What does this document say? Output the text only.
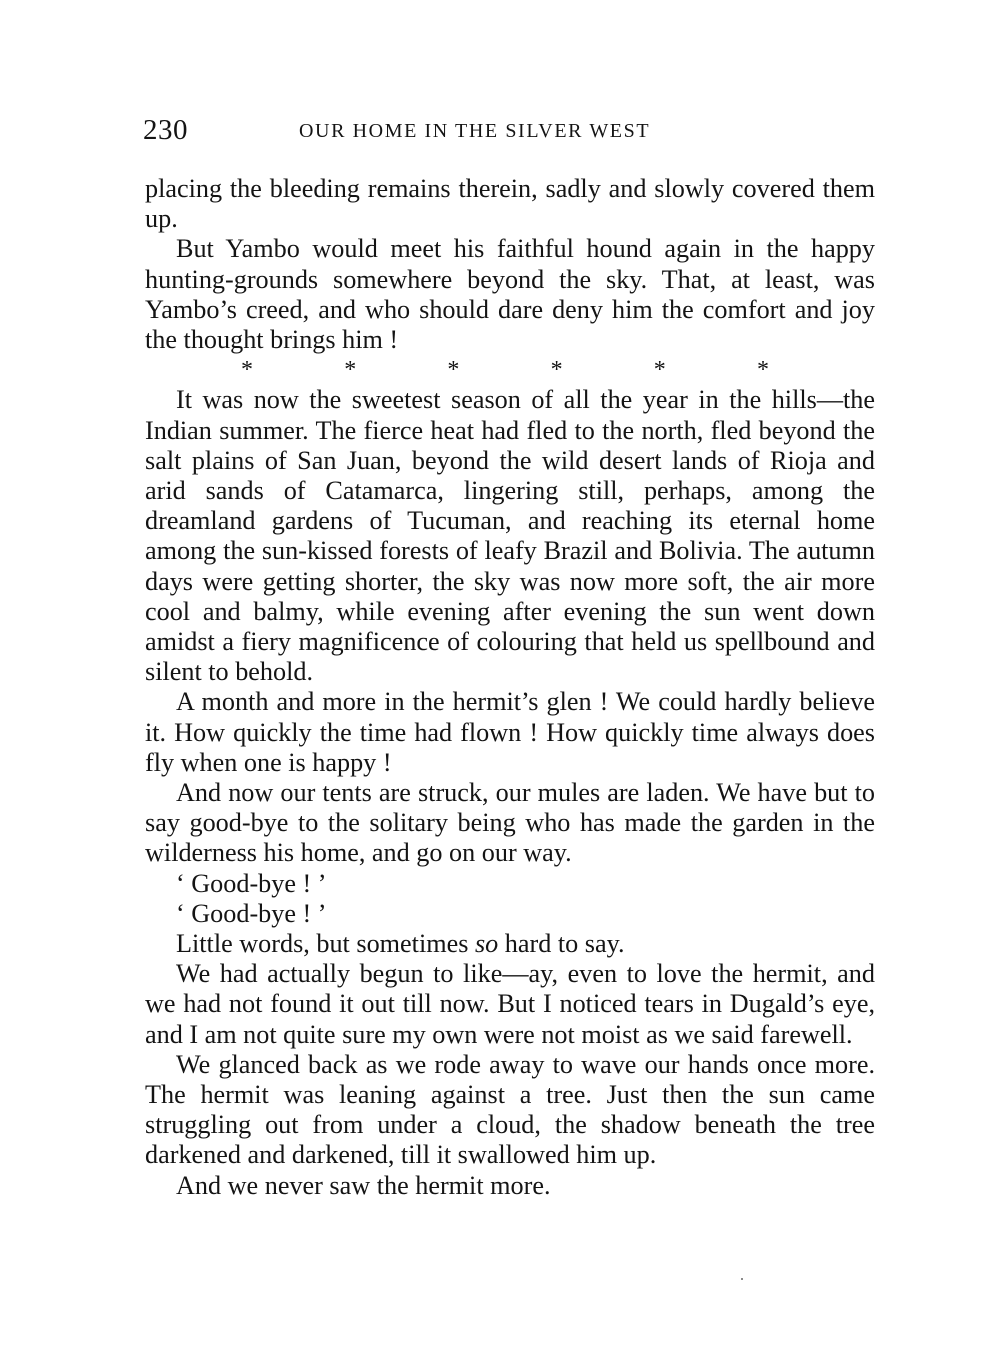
230	OUR HOME IN THE SILVER WEST

placing the bleeding remains therein, sadly and slowly covered them up.

But Yambo would meet his faithful hound again in the happy hunting-grounds somewhere beyond the sky. That, at least, was Yambo’s creed, and who should dare deny him the comfort and joy the thought brings him !

*	*	*	*	*	*

It was now the sweetest season of all the year in the hills—the Indian summer. The fierce heat had fled to the north, fled beyond the salt plains of San Juan, beyond the wild desert lands of Rioja and arid sands of Catamarca, lingering still, perhaps, among the dreamland gardens of Tucuman, and reaching its eternal home among the sun-kissed forests of leafy Brazil and Bolivia. The autumn days were getting shorter, the sky was now more soft, the air more cool and balmy, while evening after evening the sun went down amidst a fiery magnificence of colouring that held us spellbound and silent to behold.

A month and more in the hermit’s glen ! We could hardly believe it. How quickly the time had flown ! How quickly time always does fly when one is happy !

And now our tents are struck, our mules are laden. We have but to say good-bye to the solitary being who has made the garden in the wilderness his home, and go on our way.

‘ Good-bye ! ’

‘ Good-bye ! ’

Little words, but sometimes so hard to say.

We had actually begun to like—ay, even to love the hermit, and we had not found it out till now. But I noticed tears in Dugald’s eye, and I am not quite sure my own were not moist as we said farewell.

We glanced back as we rode away to wave our hands once more. The hermit was leaning against a tree. Just then the sun came struggling out from under a cloud, the shadow beneath the tree darkened and darkened, till it swallowed him up.

And we never saw the hermit more.
